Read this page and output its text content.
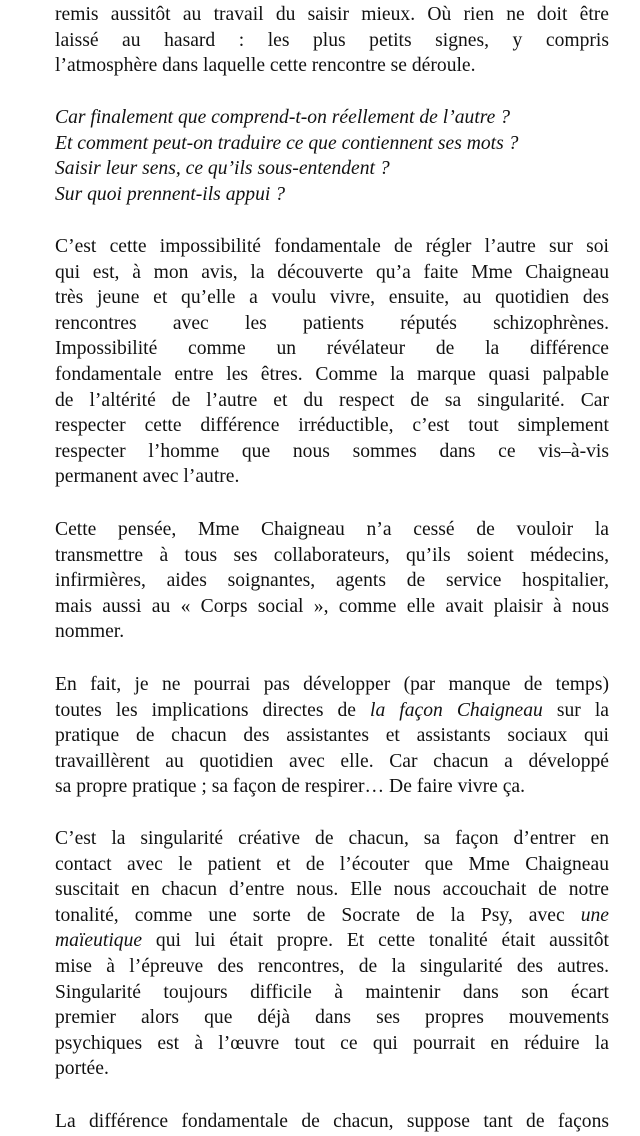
remis aussitôt au travail du saisir mieux. Où rien ne doit être
laissé au hasard : les plus petits signes, y compris
l’atmosphère dans laquelle cette rencontre se déroule.
Car finalement que comprend-t-on réellement de l’autre ?
Et comment peut-on traduire ce que contiennent ses mots ?
Saisir leur sens, ce qu’ils sous-entendent ?
Sur quoi prennent-ils appui ?
C’est cette impossibilité fondamentale de régler l’autre sur soi
qui est, à mon avis, la découverte qu’a faite Mme Chaigneau
très jeune et qu’elle a voulu vivre, ensuite, au quotidien des
rencontres avec les patients réputés schizophrènes.
Impossibilité comme un révélateur de la différence
fondamentale entre les êtres. Comme la marque quasi palpable
de l’altérité de l’autre et du respect de sa singularité. Car
respecter cette différence irréductible, c’est tout simplement
respecter l’homme que nous sommes dans ce vis–à-vis
permanent avec l’autre.
Cette pensée, Mme Chaigneau n’a cessé de vouloir la
transmettre à tous ses collaborateurs, qu’ils soient médecins,
infirmières, aides soignantes, agents de service hospitalier,
mais aussi au « Corps social », comme elle avait plaisir à nous
nommer.
En fait, je ne pourrai pas développer (par manque de temps)
toutes les implications directes de la façon Chaigneau sur la
pratique de chacun des assistantes et assistants sociaux qui
travaillèrent au quotidien avec elle. Car chacun a développé
sa propre pratique ; sa façon de respirer… De faire vivre ça.
C’est la singularité créative de chacun, sa façon d’entrer en
contact avec le patient et de l’écouter que Mme Chaigneau
suscitait en chacun d’entre nous. Elle nous accouchait de notre
tonalité, comme une sorte de Socrate de la Psy, avec une
maïeutique qui lui était propre. Et cette tonalité était aussitôt
mise à l’épreuve des rencontres, de la singularité des autres.
Singularité toujours difficile à maintenir dans son écart
premier alors que déjà dans ses propres mouvements
psychiques est à l’œuvre tout ce qui pourrait en réduire la
portée.
La différence fondamentale de chacun, suppose tant de façons
